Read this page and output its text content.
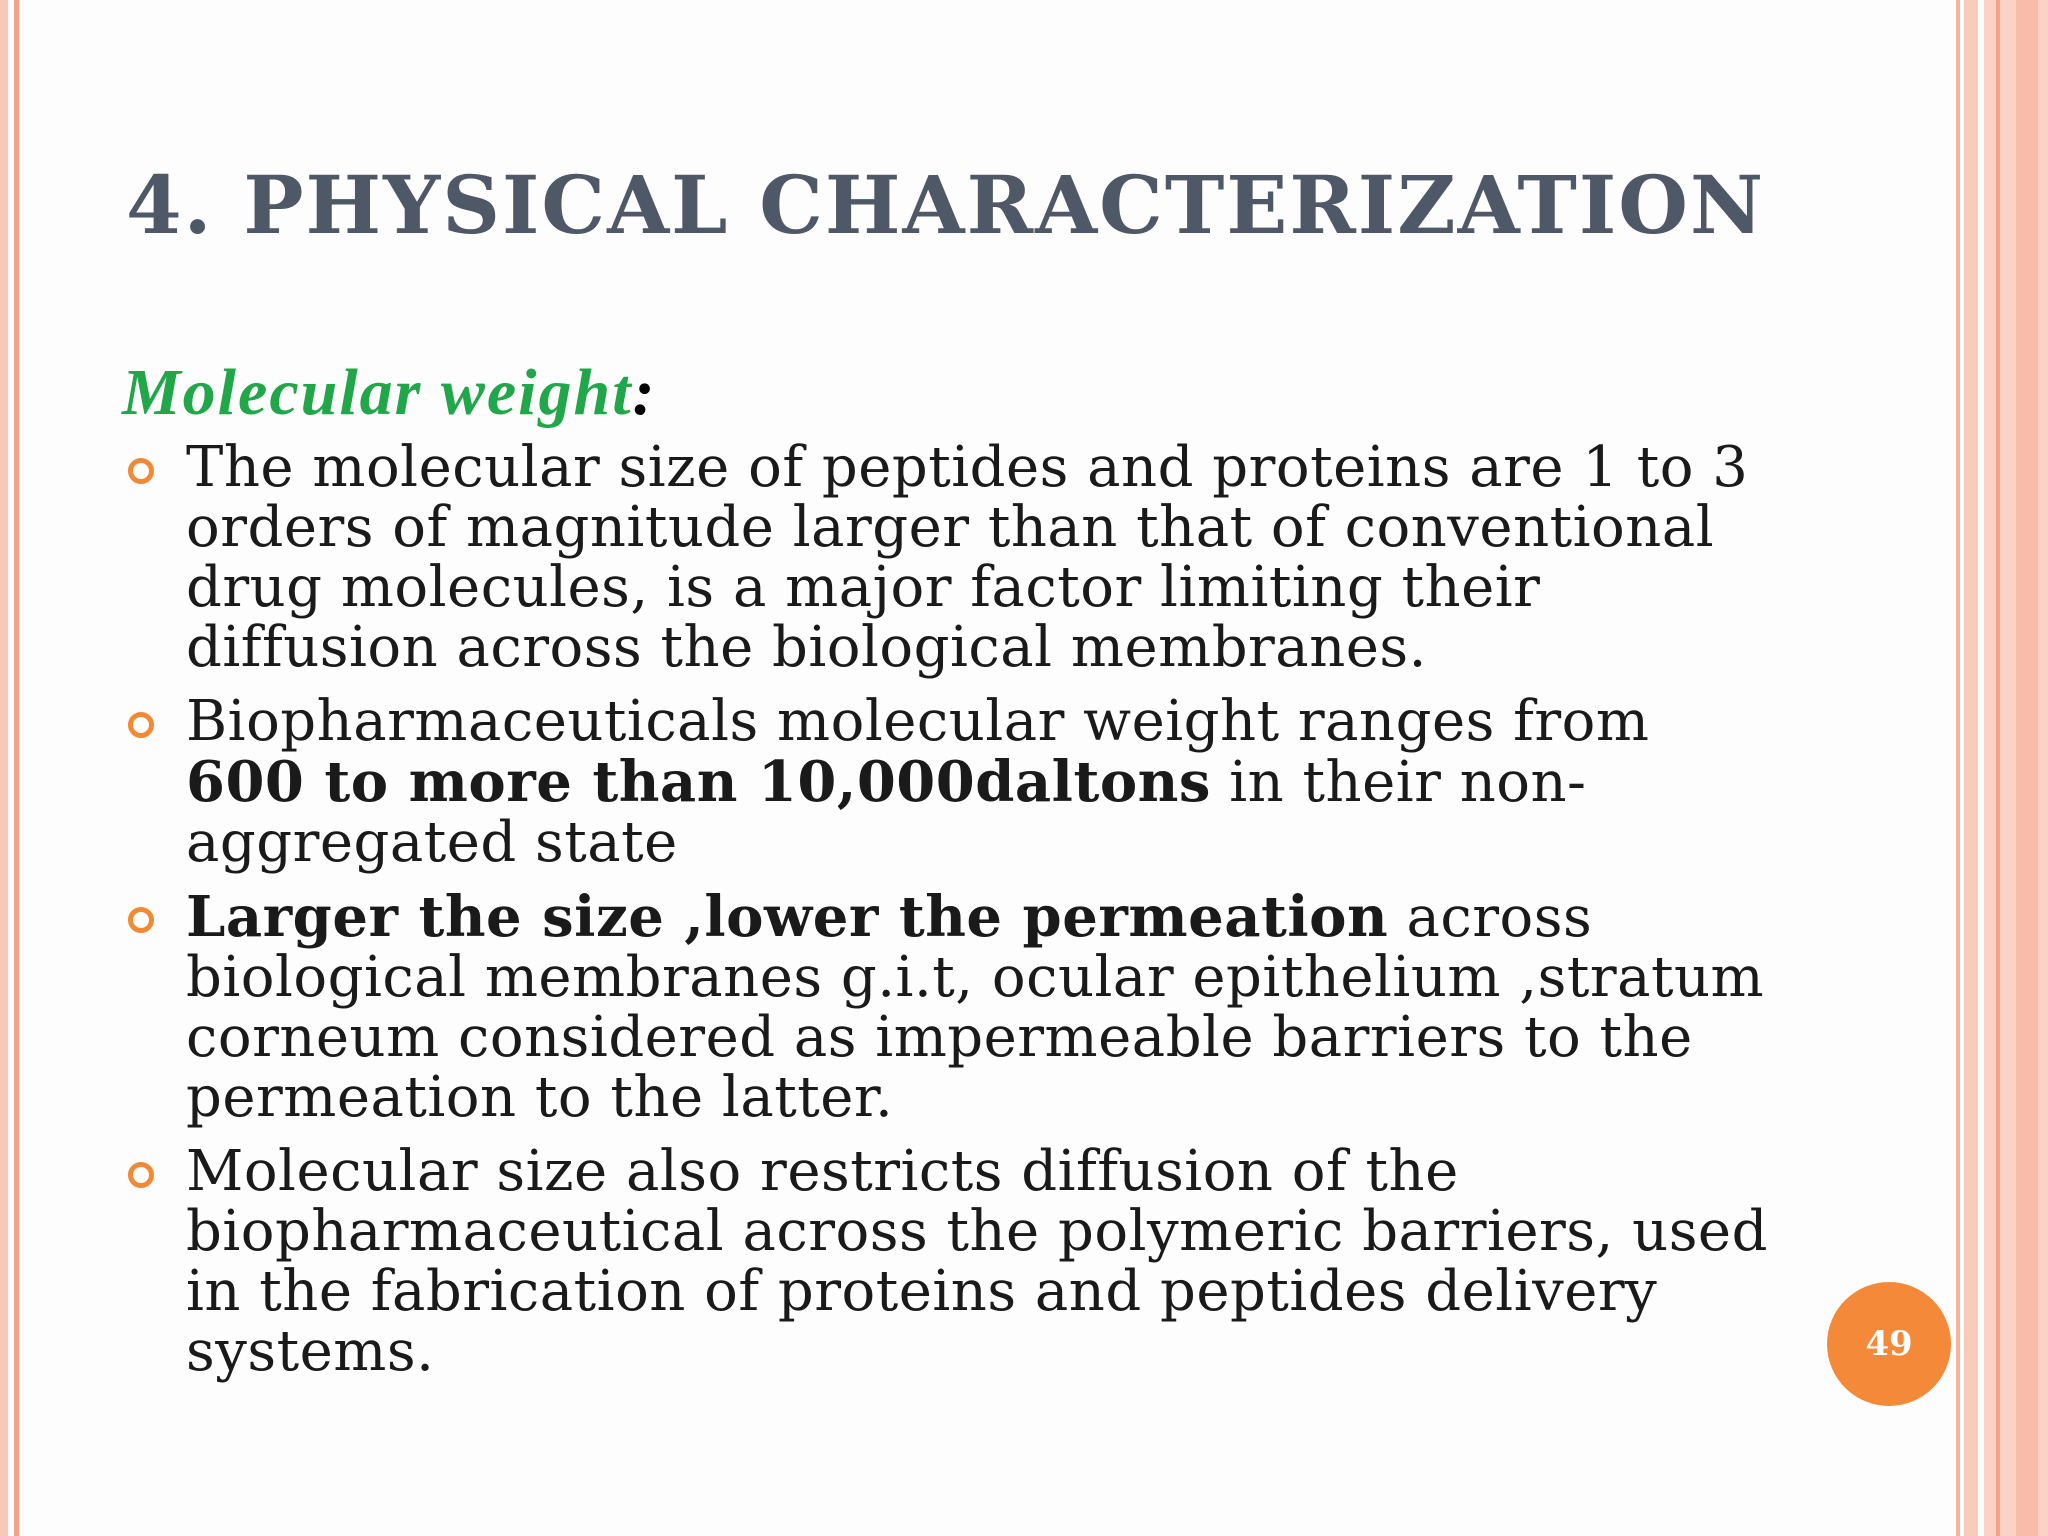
4. PHYSICAL CHARACTERIZATION
Molecular weight:
The molecular size of peptides and proteins are 1 to 3 orders of magnitude larger than that of conventional drug molecules, is a major factor limiting their diffusion across the biological membranes.
Biopharmaceuticals molecular weight ranges from 600 to more than 10,000daltons in their non-aggregated state
Larger the size ,lower the permeation across biological membranes g.i.t, ocular epithelium ,stratum corneum considered as impermeable barriers to the permeation to the latter.
Molecular size also restricts diffusion of the biopharmaceutical across the polymeric barriers, used in the fabrication of proteins and peptides delivery systems.	49
